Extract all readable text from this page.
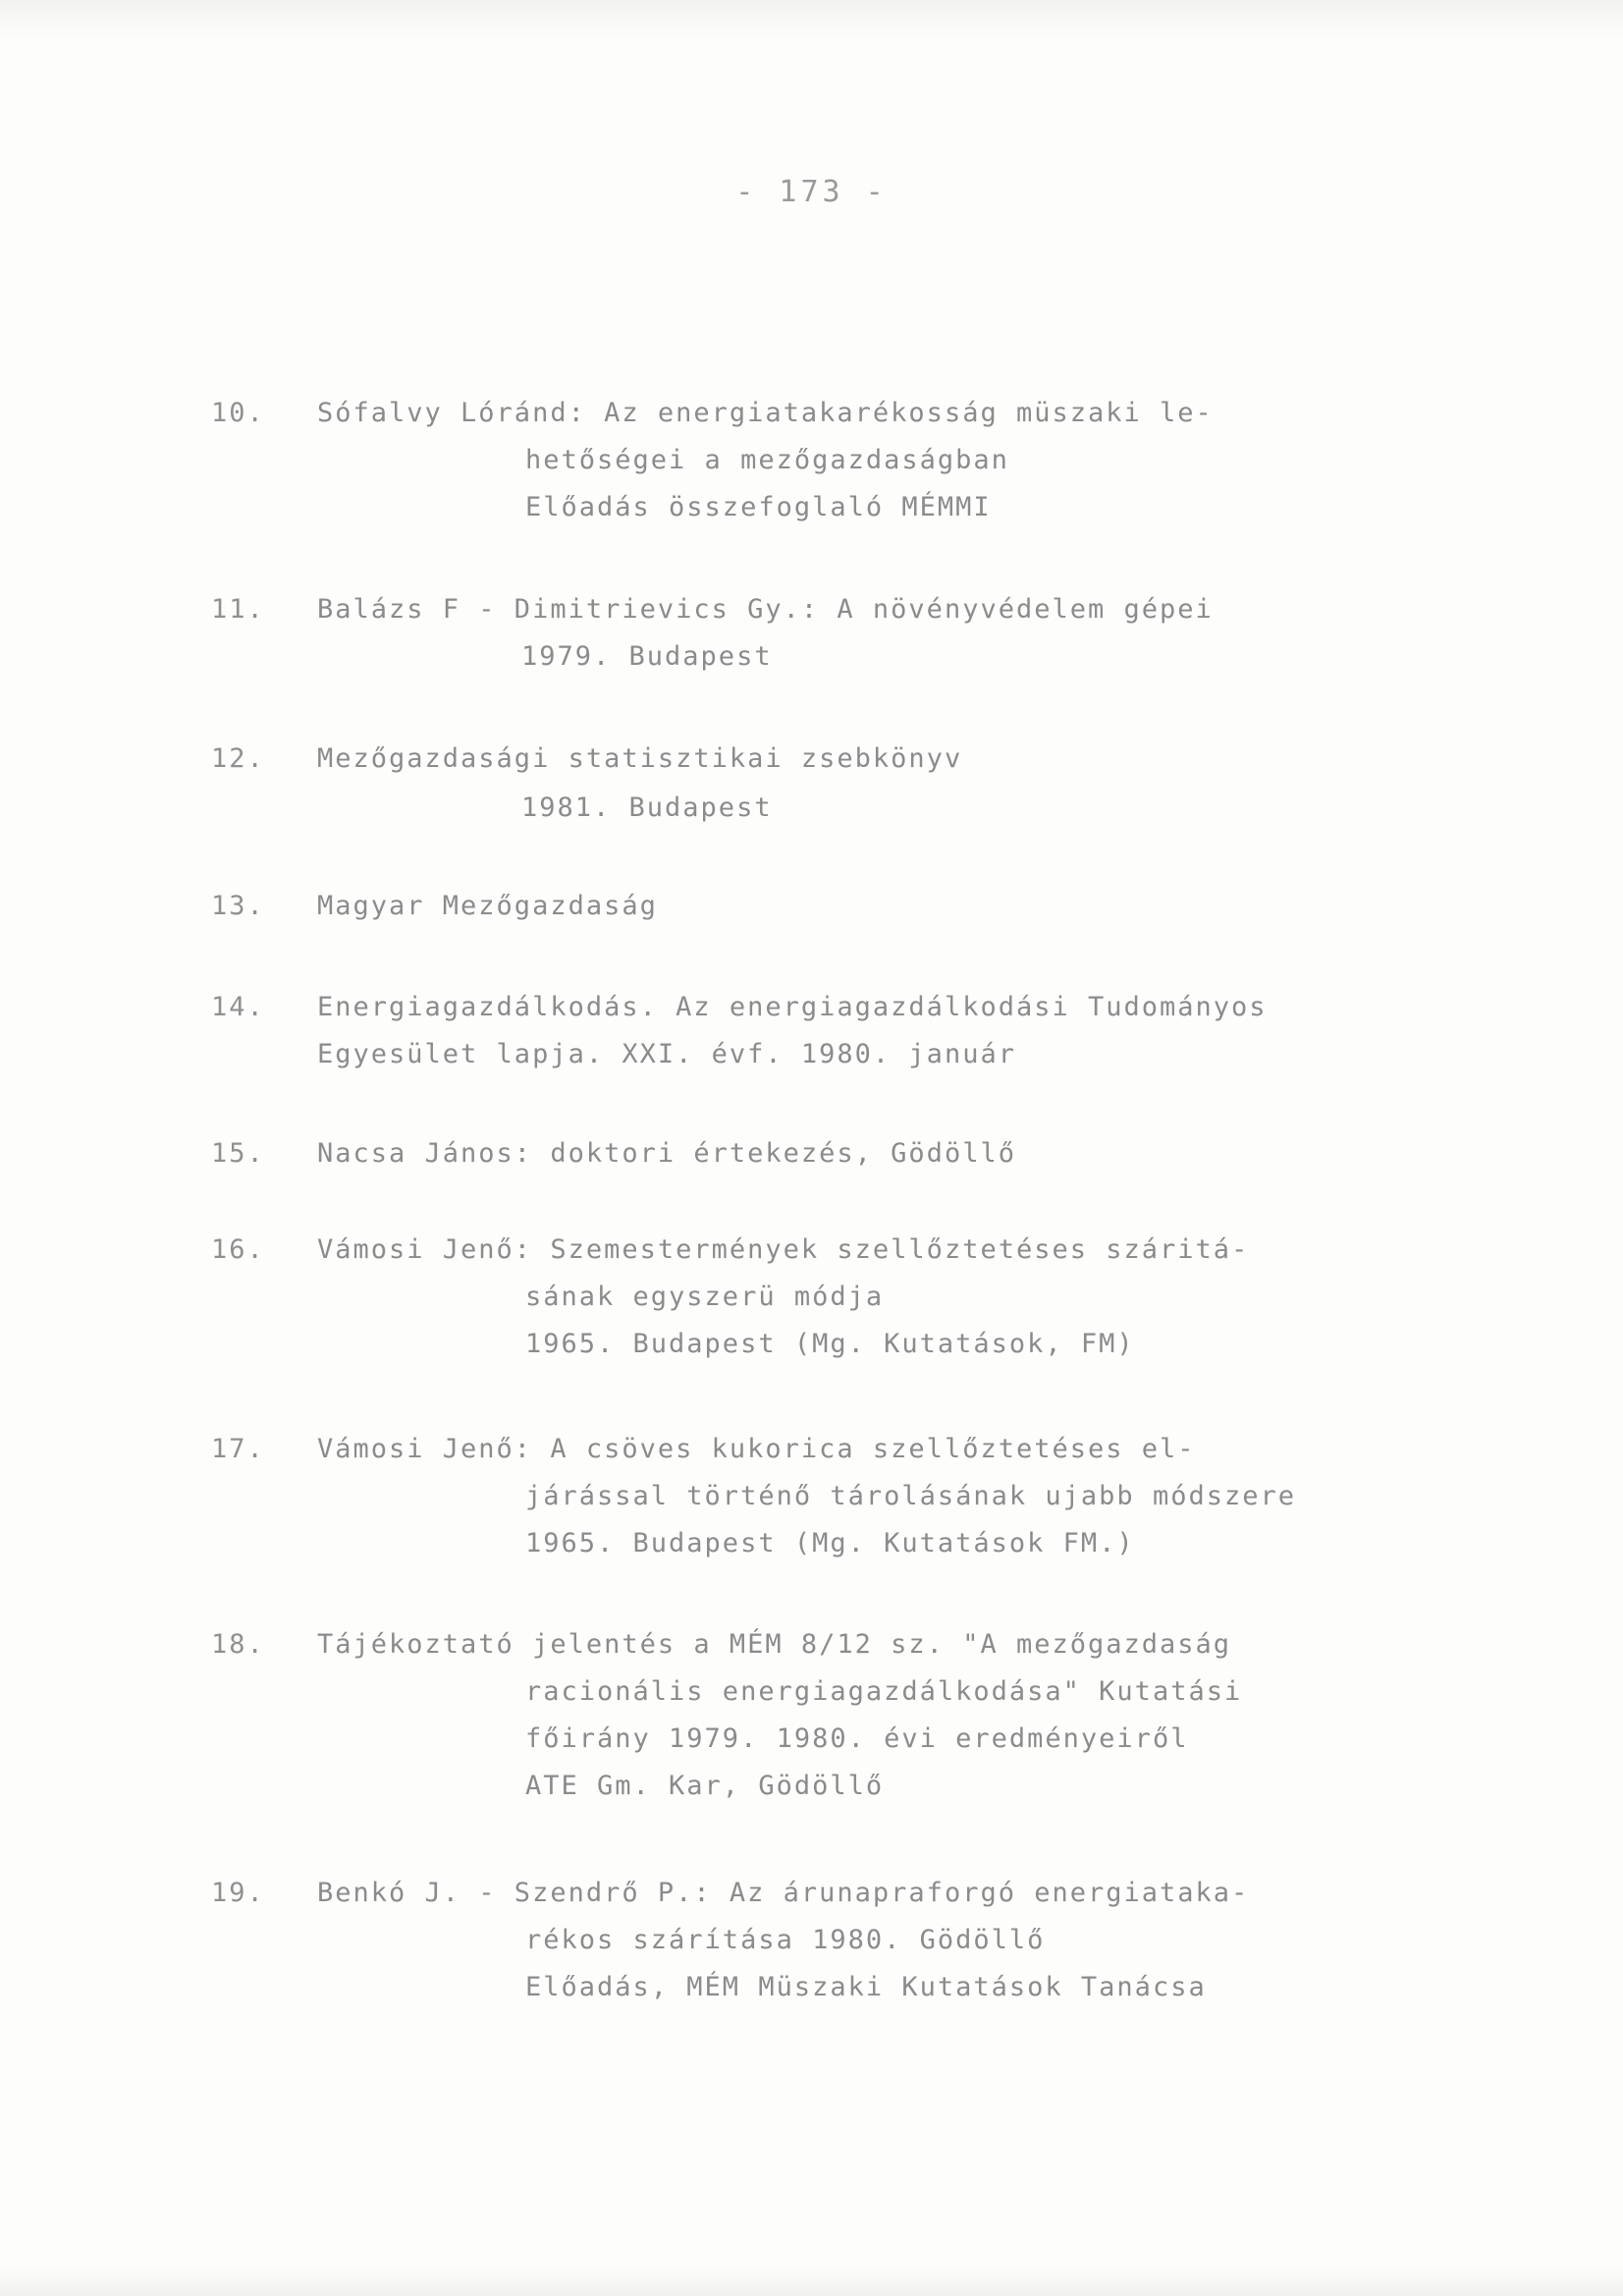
- 173 -
10. Sófalvy Lóránd: Az energiatakarékosság müszaki le-
hetőségei a mezőgazdaságban
Előadás összefoglaló MÉMMI
11. Balázs F - Dimitrievics Gy.: A növényvédelem gépei
1979. Budapest
12. Mezőgazdasági statisztikai zsebkönyv
1981. Budapest
13. Magyar Mezőgazdaság
14. Energiagazdálkodás. Az energiagazdálkodási Tudományos
Egyesület lapja. XXI. évf. 1980. január
15. Nacsa János: doktori értekezés, Gödöllő
16. Vámosi Jenő: Szemestermények szellőztetéses száritá-
sának egyszerü módja
1965. Budapest (Mg. Kutatások, FM)
17. Vámosi Jenő: A csöves kukorica szellőztetéses el-
járással történő tárolásának ujabb módszere
1965. Budapest (Mg. Kutatások FM.)
18. Tájékoztató jelentés a MÉM 8/12 sz. "A mezőgazdaság
racionális energiagazdálkodása" Kutatási
főirány 1979. 1980. évi eredményeiről
ATE Gm. Kar, Gödöllő
19. Benkó J. - Szendrő P.: Az árunapraforgó energiataka-
rékos szárítása 1980. Gödöllő
Előadás, MÉM Müszaki Kutatások Tanácsa
